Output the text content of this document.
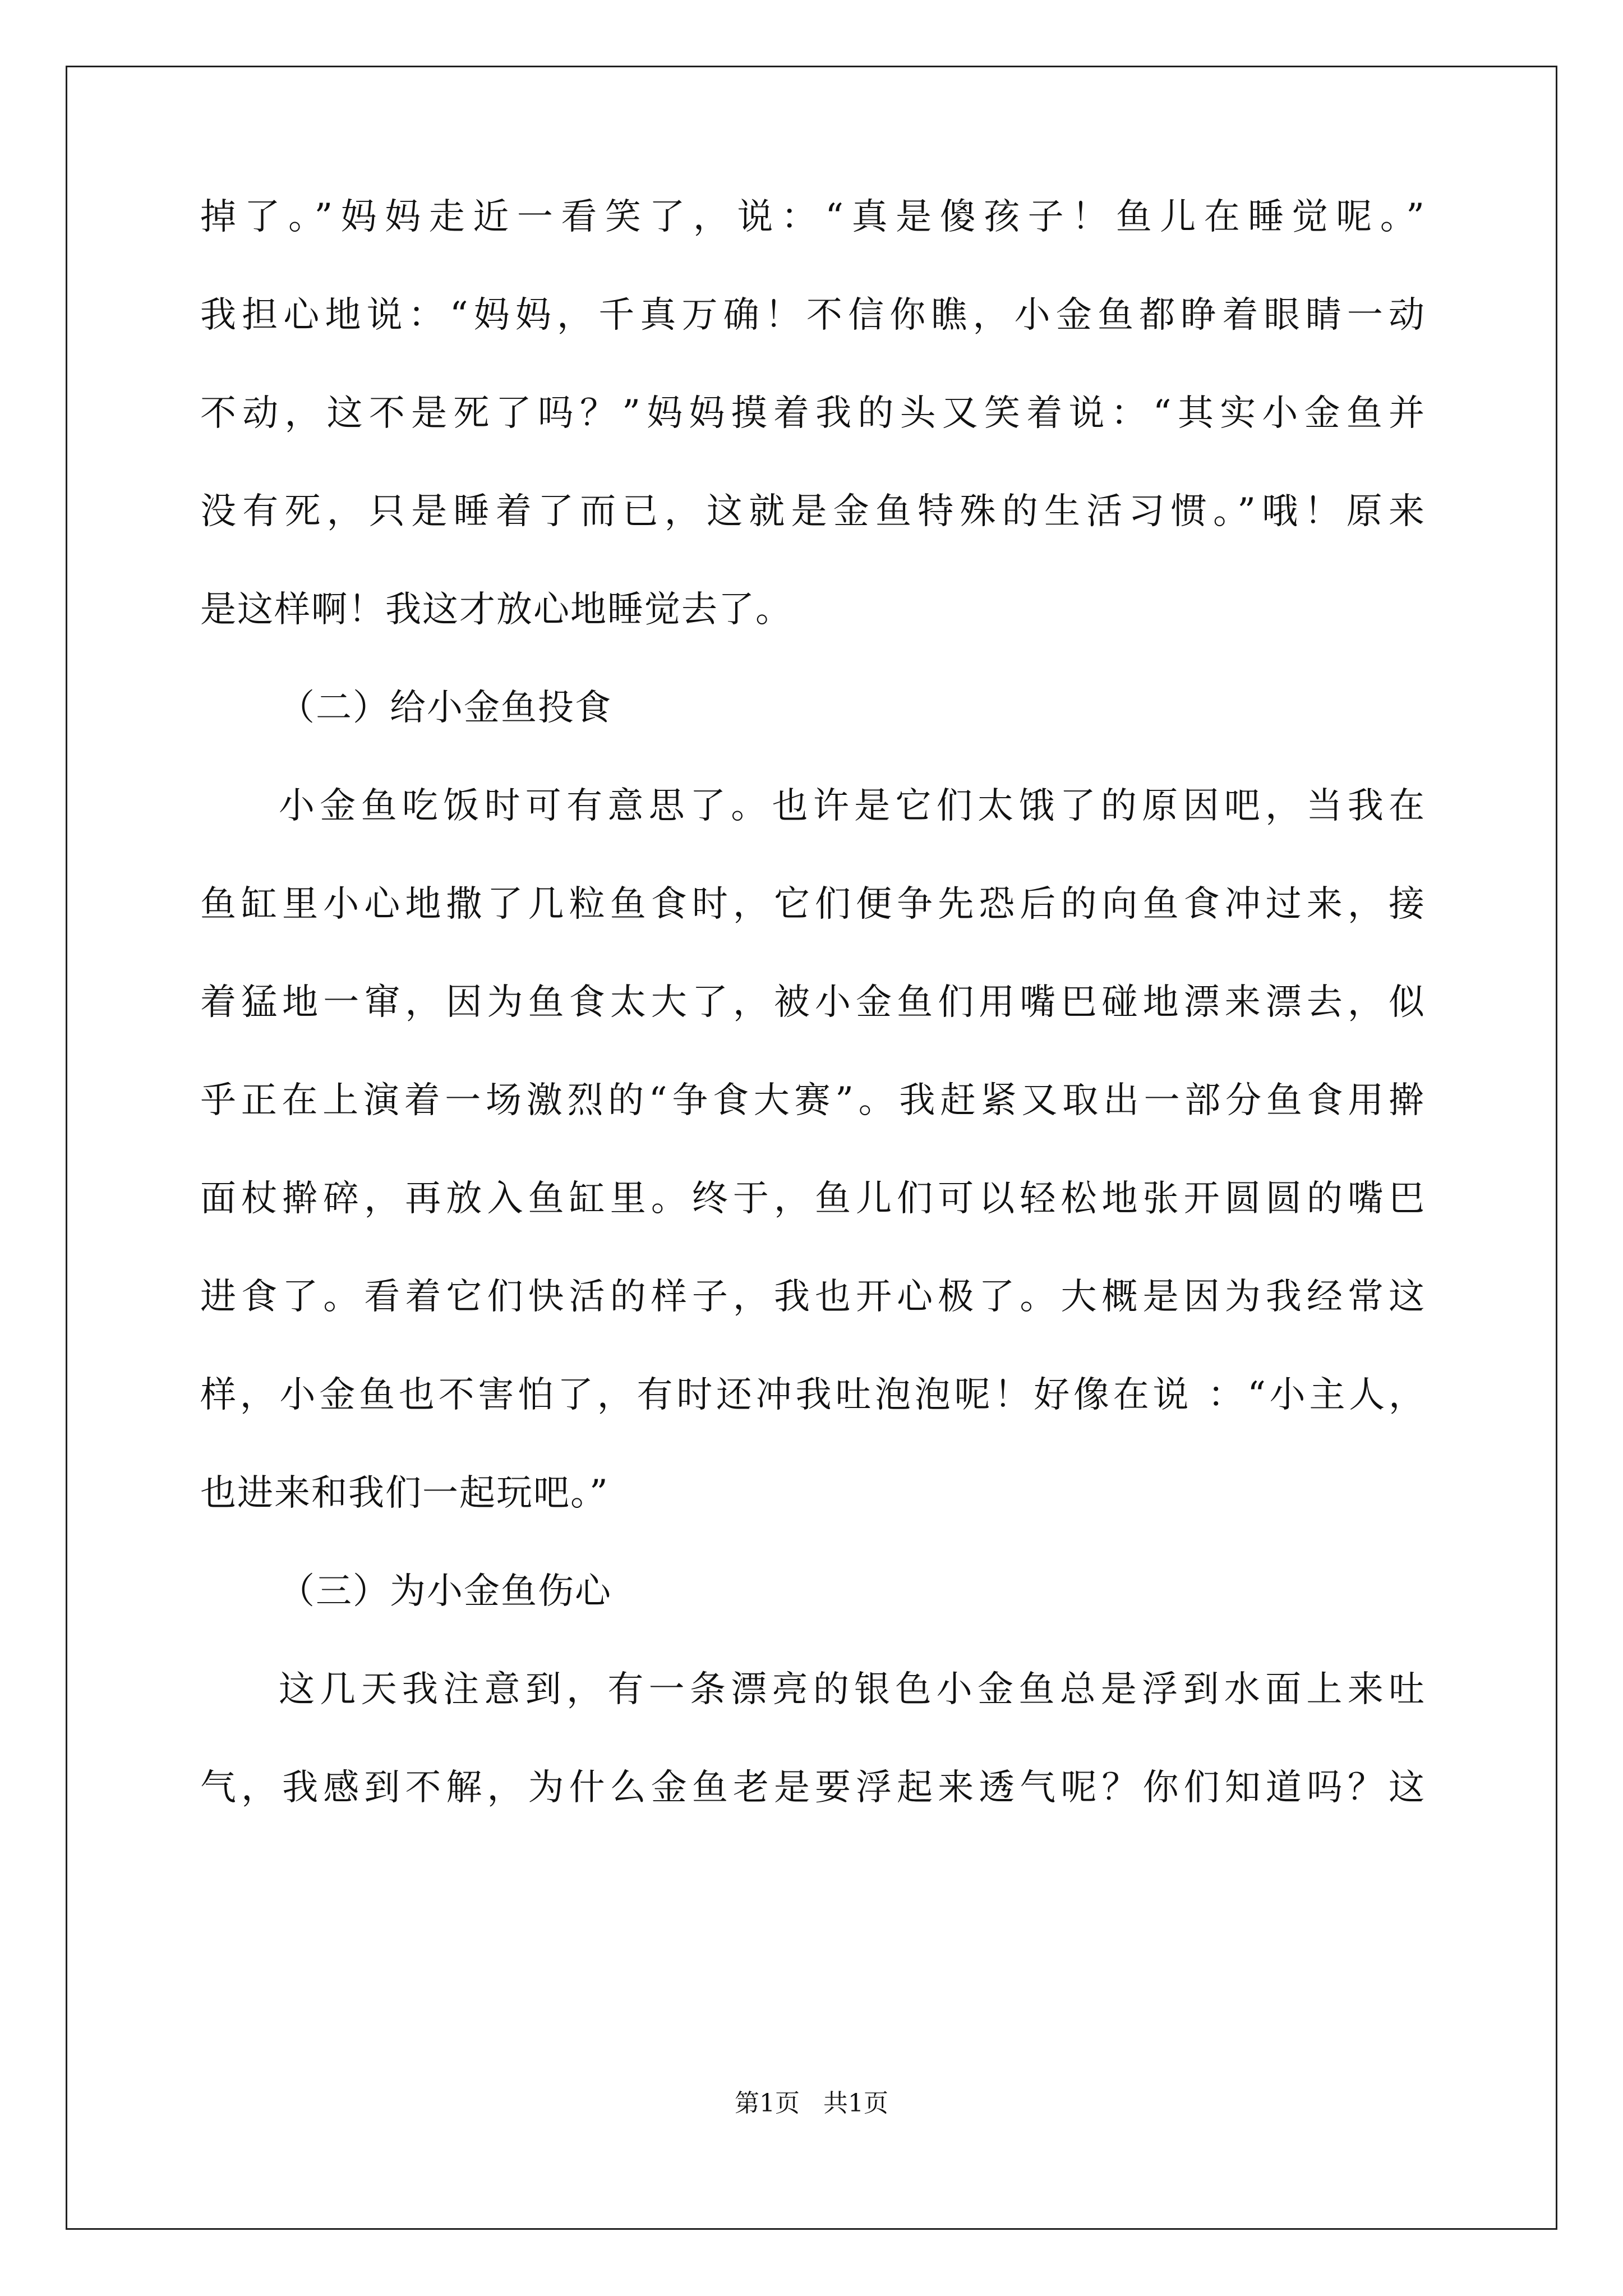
掉了。”妈妈走近一看笑了，说：“真是傻孩子！鱼儿在睡觉呢。”
我担心地说：“妈妈，千真万确！不信你瞧，小金鱼都睁着眼睛一动
不动，这不是死了吗？”妈妈摸着我的头又笑着说：“其实小金鱼并
没有死，只是睡着了而已，这就是金鱼特殊的生活习惯。”哦！原来
是这样啊！我这才放心地睡觉去了。
（二）给小金鱼投食
小金鱼吃饭时可有意思了。也许是它们太饿了的原因吧，当我在
鱼缸里小心地撒了几粒鱼食时，它们便争先恐后的向鱼食冲过来，接
着猛地一窜，因为鱼食太大了，被小金鱼们用嘴巴碰地漂来漂去，似
乎正在上演着一场激烈的“争食大赛”。我赶紧又取出一部分鱼食用擀
面杖擀碎，再放入鱼缸里。终于，鱼儿们可以轻松地张开圆圆的嘴巴
进食了。看着它们快活的样子，我也开心极了。大概是因为我经常这
样，小金鱼也不害怕了，有时还冲我吐泡泡呢！好像在说 ：“小主人，
也进来和我们一起玩吧。”
（三）为小金鱼伤心
这几天我注意到，有一条漂亮的银色小金鱼总是浮到水面上来吐
气，我感到不解，为什么金鱼老是要浮起来透气呢？你们知道吗？这
第1页   共1页
